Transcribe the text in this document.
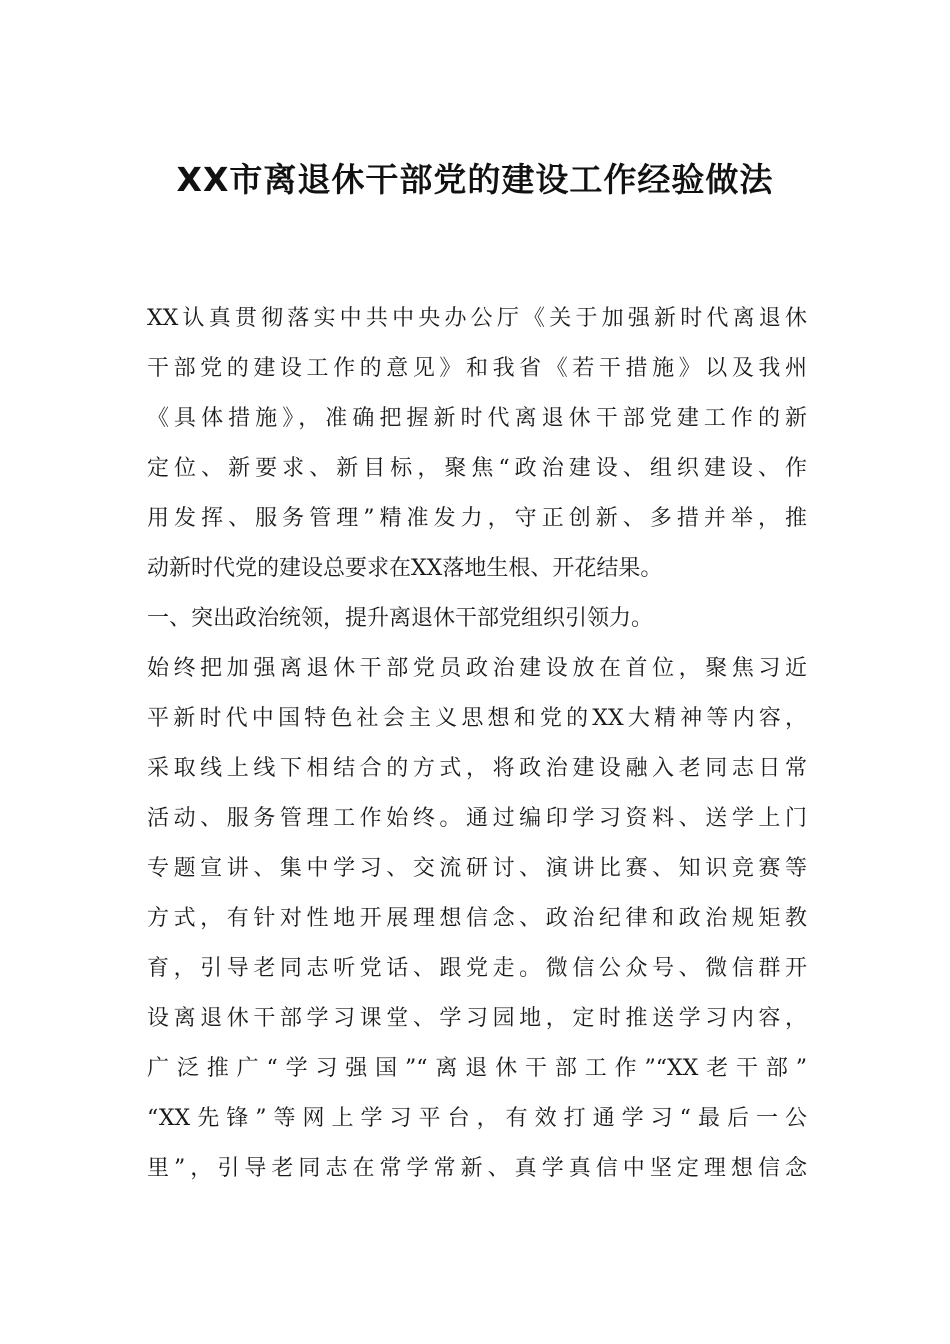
XX市离退休干部党的建设工作经验做法
XX认真贯彻落实中共中央办公厅《关于加强新时代离退休
干部党的建设工作的意见》和我省《若干措施》以及我州
《具体措施》，准确把握新时代离退休干部党建工作的新
定位、新要求、新目标，聚焦“政治建设、组织建设、作
用发挥、服务管理”精准发力，守正创新、多措并举，推
动新时代党的建设总要求在XX落地生根、开花结果。
一、突出政治统领，提升离退休干部党组织引领力。
始终把加强离退休干部党员政治建设放在首位，聚焦习近
平新时代中国特色社会主义思想和党的XX大精神等内容，
采取线上线下相结合的方式，将政治建设融入老同志日常
活动、服务管理工作始终。通过编印学习资料、送学上门
专题宣讲、集中学习、交流研讨、演讲比赛、知识竞赛等
方式，有针对性地开展理想信念、政治纪律和政治规矩教
育，引导老同志听党话、跟党走。微信公众号、微信群开
设离退休干部学习课堂、学习园地，定时推送学习内容，
广泛推广“学习强国”“离退休干部工作”“XX老干部”
“XX先锋”等网上学习平台，有效打通学习“最后一公
里”，引导老同志在常学常新、真学真信中坚定理想信念
